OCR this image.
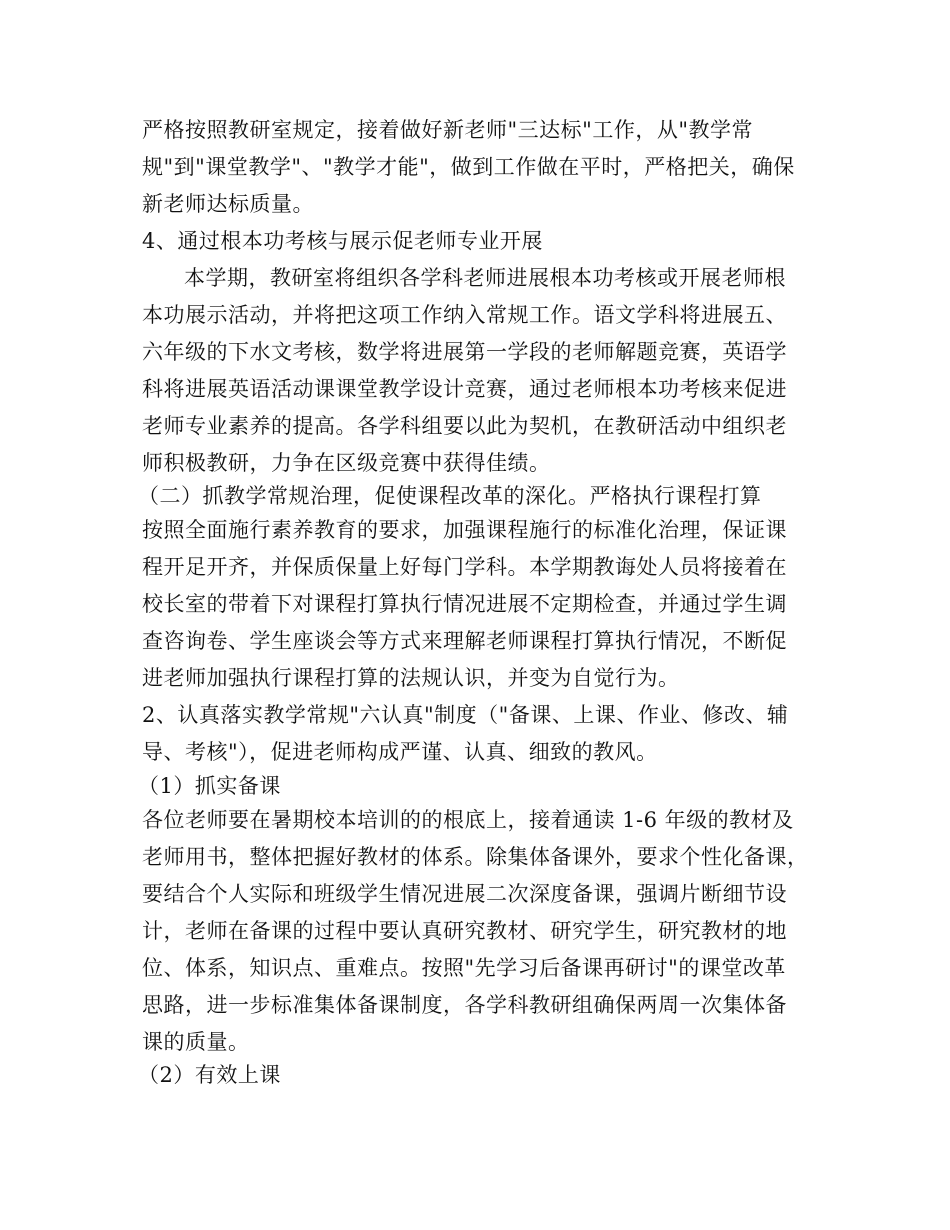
严格按照教研室规定，接着做好新老师"三达标"工作，从"教学常
规"到"课堂教学"、"教学才能"，做到工作做在平时，严格把关，确保
新老师达标质量。
4、通过根本功考核与展示促老师专业开展
本学期，教研室将组织各学科老师进展根本功考核或开展老师根
本功展示活动，并将把这项工作纳入常规工作。语文学科将进展五、
六年级的下水文考核，数学将进展第一学段的老师解题竞赛，英语学
科将进展英语活动课课堂教学设计竞赛，通过老师根本功考核来促进
老师专业素养的提高。各学科组要以此为契机，在教研活动中组织老
师积极教研，力争在区级竞赛中获得佳绩。
（二）抓教学常规治理，促使课程改革的深化。严格执行课程打算
按照全面施行素养教育的要求，加强课程施行的标准化治理，保证课
程开足开齐，并保质保量上好每门学科。本学期教诲处人员将接着在
校长室的带着下对课程打算执行情况进展不定期检查，并通过学生调
查咨询卷、学生座谈会等方式来理解老师课程打算执行情况，不断促
进老师加强执行课程打算的法规认识，并变为自觉行为。
2、认真落实教学常规"六认真"制度（"备课、上课、作业、修改、辅
导、考核"），促进老师构成严谨、认真、细致的教风。
（1）抓实备课
各位老师要在暑期校本培训的的根底上，接着通读 1-6 年级的教材及
老师用书，整体把握好教材的体系。除集体备课外，要求个性化备课，
要结合个人实际和班级学生情况进展二次深度备课，强调片断细节设
计，老师在备课的过程中要认真研究教材、研究学生，研究教材的地
位、体系，知识点、重难点。按照"先学习后备课再研讨"的课堂改革
思路，进一步标准集体备课制度，各学科教研组确保两周一次集体备
课的质量。
（2）有效上课
